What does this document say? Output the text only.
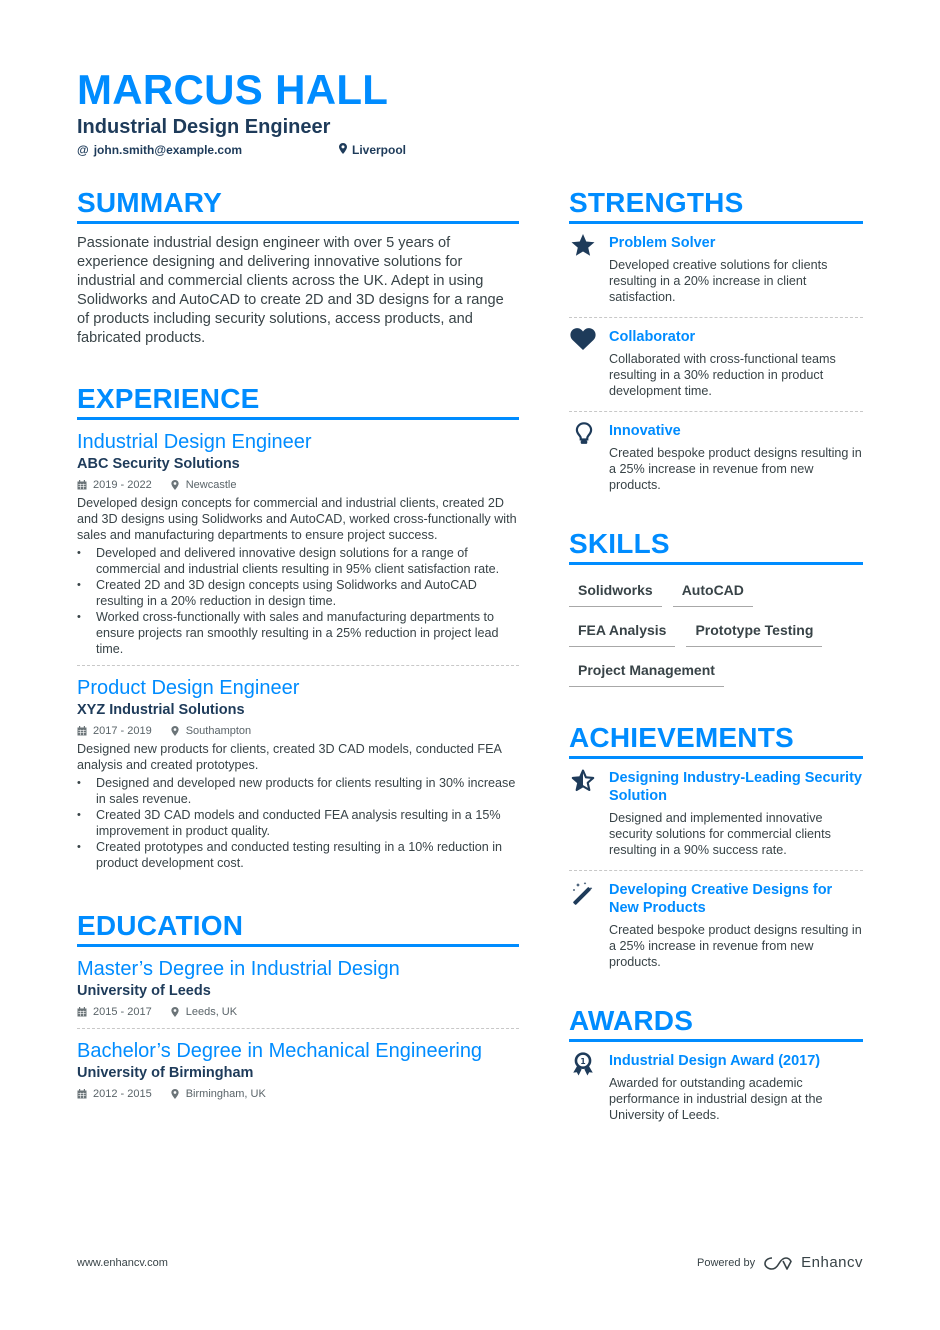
MARCUS HALL
Industrial Design Engineer
@ john.smith@example.com	Liverpool
SUMMARY
Passionate industrial design engineer with over 5 years of experience designing and delivering innovative solutions for industrial and commercial clients across the UK. Adept in using Solidworks and AutoCAD to create 2D and 3D designs for a range of products including security solutions, access products, and fabricated products.
EXPERIENCE
Industrial Design Engineer
ABC Security Solutions
2019 - 2022	Newcastle
Developed design concepts for commercial and industrial clients, created 2D and 3D designs using Solidworks and AutoCAD, worked cross-functionally with sales and manufacturing departments to ensure project success.
• Developed and delivered innovative design solutions for a range of commercial and industrial clients resulting in 95% client satisfaction rate.
• Created 2D and 3D design concepts using Solidworks and AutoCAD resulting in a 20% reduction in design time.
• Worked cross-functionally with sales and manufacturing departments to ensure projects ran smoothly resulting in a 25% reduction in project lead time.
Product Design Engineer
XYZ Industrial Solutions
2017 - 2019	Southampton
Designed new products for clients, created 3D CAD models, conducted FEA analysis and created prototypes.
• Designed and developed new products for clients resulting in 30% increase in sales revenue.
• Created 3D CAD models and conducted FEA analysis resulting in a 15% improvement in product quality.
• Created prototypes and conducted testing resulting in a 10% reduction in product development cost.
EDUCATION
Master’s Degree in Industrial Design
University of Leeds
2015 - 2017	Leeds, UK
Bachelor’s Degree in Mechanical Engineering
University of Birmingham
2012 - 2015	Birmingham, UK
STRENGTHS
Problem Solver
Developed creative solutions for clients resulting in a 20% increase in client satisfaction.
Collaborator
Collaborated with cross-functional teams resulting in a 30% reduction in product development time.
Innovative
Created bespoke product designs resulting in a 25% increase in revenue from new products.
SKILLS
Solidworks	AutoCAD
FEA Analysis	Prototype Testing
Project Management
ACHIEVEMENTS
Designing Industry-Leading Security Solution
Designed and implemented innovative security solutions for commercial clients resulting in a 90% success rate.
Developing Creative Designs for New Products
Created bespoke product designs resulting in a 25% increase in revenue from new products.
AWARDS
1 Industrial Design Award (2017)
Awarded for outstanding academic performance in industrial design at the University of Leeds.
www.enhancv.com	Powered by	Enhancv
